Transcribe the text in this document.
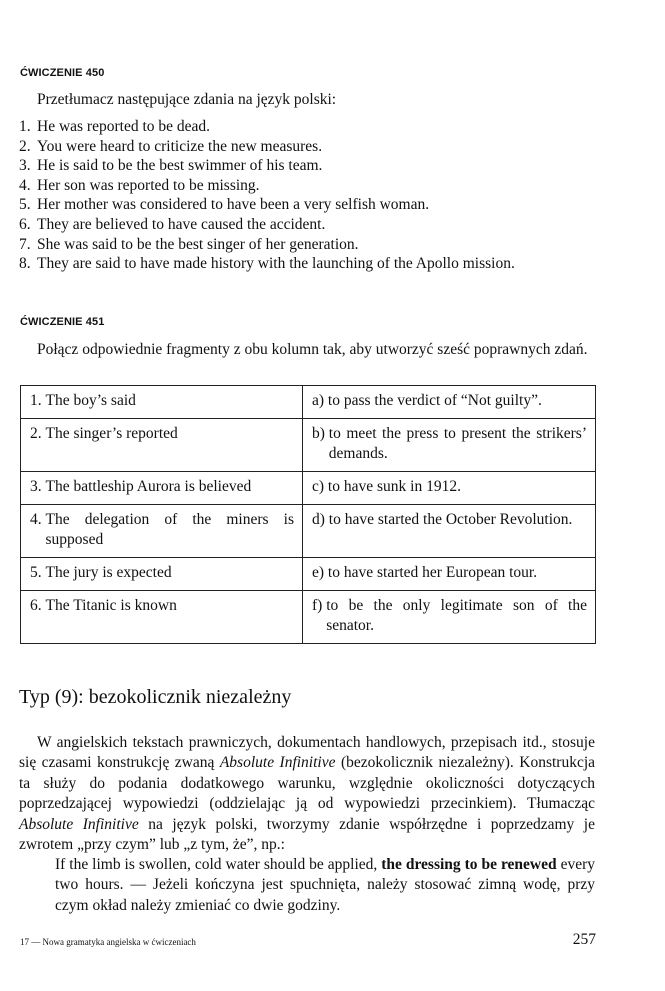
ĆWICZENIE 450
Przetłumacz następujące zdania na język polski:
1. He was reported to be dead.
2. You were heard to criticize the new measures.
3. He is said to be the best swimmer of his team.
4. Her son was reported to be missing.
5. Her mother was considered to have been a very selfish woman.
6. They are believed to have caused the accident.
7. She was said to be the best singer of her generation.
8. They are said to have made history with the launching of the Apollo mission.
ĆWICZENIE 451
Połącz odpowiednie fragmenty z obu kolumn tak, aby utworzyć sześć poprawnych zdań.
1. The boy’s said	a) to pass the verdict of “Not guilty”.

2. The singer’s reported	b) to meet the press to present the strikers’ demands.

3. The battleship Aurora is believed	c) to have sunk in 1912.

4. The delegation of the miners is supposed	d) to have started the October Revolution.

5. The jury is expected	e) to have started her European tour.

6. The Titanic is known	f) to be the only legitimate son of the senator.
Typ (9): bezokolicznik niezależny

W angielskich tekstach prawniczych, dokumentach handlowych, przepisach itd., stosuje się czasami konstrukcję zwaną Absolute Infinitive (bezokolicznik niezależny). Konstrukcja ta służy do podania dodatkowego warunku, względnie okoliczności dotyczących poprzedzającej wypowiedzi (oddzielając ją od wypowiedzi przecinkiem). Tłumacząc Absolute Infinitive na język polski, tworzymy zdanie współrzędne i poprzedzamy je zwrotem „przy czym” lub „z tym, że”, np.:

If the limb is swollen, cold water should be applied, the dressing to be renewed every two hours. — Jeżeli kończyna jest spuchnięta, należy stosować zimną wodę, przy czym okład należy zmieniać co dwie godziny.

17 — Nowa gramatyka angielska w ćwiczeniach	257
